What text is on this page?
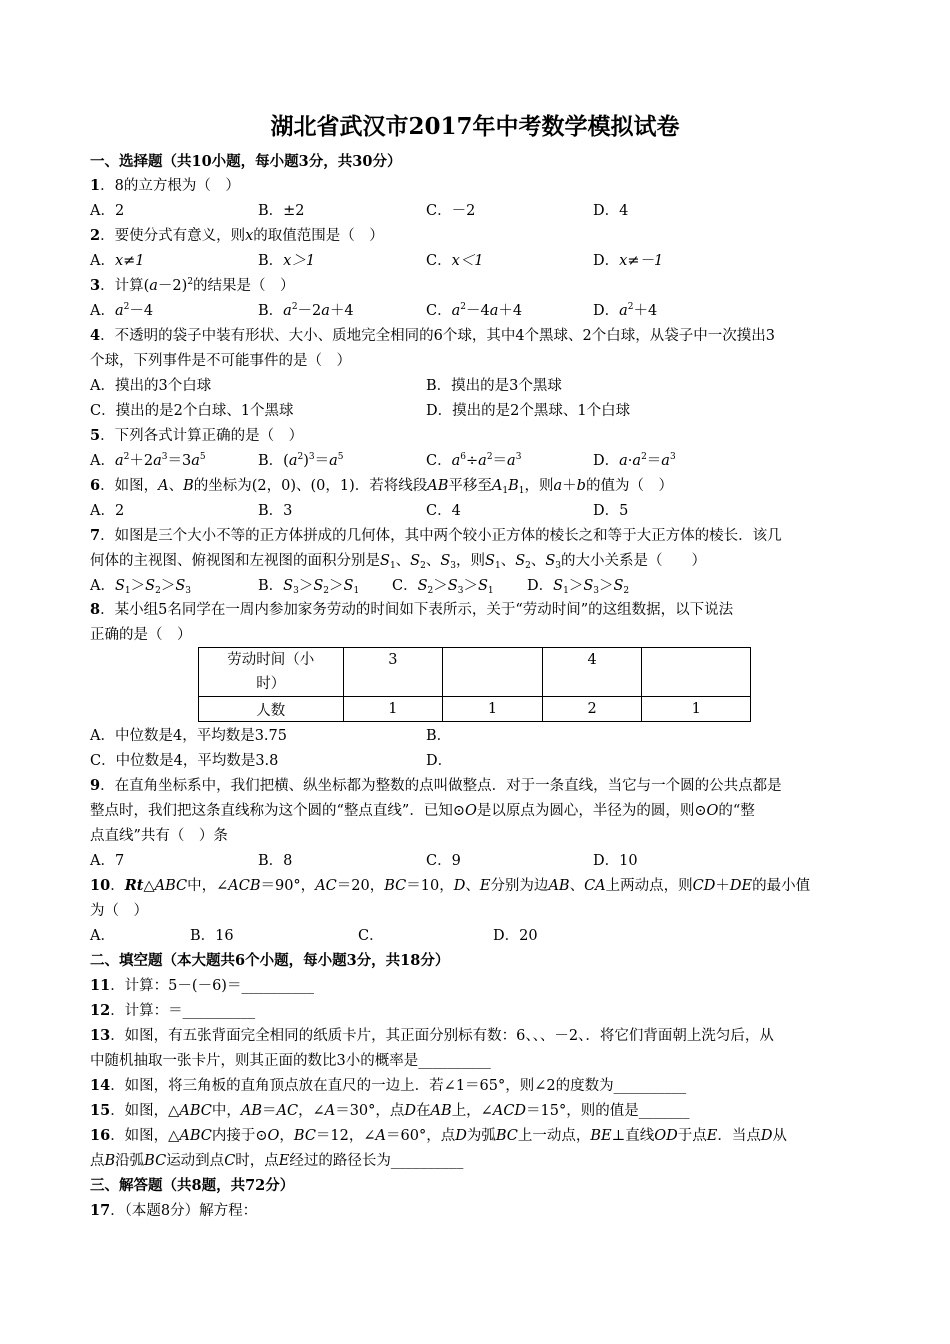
湖北省武汉市2017年中考数学模拟试卷
一、选择题（共10小题，每小题3分，共30分）
1．8的立方根为（　）
A．2	B．±2	C．－2	D．4
2．要使分式有意义，则x的取值范围是（　）
A．x≠1	B．x＞1	C．x＜1	D．x≠－1
3．计算$(a-2)^2$的结果是（　）
A．$a^2-4$	B．$a^2-2a+4$	C．$a^2-4a+4$	D．$a^2+4$
4．不透明的袋子中装有形状、大小、质地完全相同的6个球，其中4个黑球、2个白球，从袋子中一次摸出3
个球，下列事件是不可能事件的是（　）
A．摸出的3个白球	B．摸出的是3个黑球
C．摸出的是2个白球、1个黑球	D．摸出的是2个黑球、1个白球
5．下列各式计算正确的是（　）
A．$a^2+2a^3=3a^5$	B．$(a^2)^3=a^5$	C．$a^6\div a^2=a^3$	D．$a\cdot a^2=a^3$
6．如图，A、B的坐标为(2，0)、(0，1)．若将线段AB平移至$A_1B_1$，则a＋b的值为（　）
A．2	B．3	C．4	D．5
7．如图是三个大小不等的正方体拼成的几何体，其中两个较小正方体的棱长之和等于大正方体的棱长．该几
何体的主视图、俯视图和左视图的面积分别是$S_1$、$S_2$、$S_3$，则$S_1$、$S_2$、$S_3$的大小关系是（　　）
A．$S_1>S_2>S_3$	B．$S_3>S_2>S_1$ C．$S_2>S_3>S_1$ D．$S_1>S_3>S_2$
8．某小组5名同学在一周内参加家务劳动的时间如下表所示，关于“劳动时间”的这组数据，以下说法
正确的是（　）
劳动时间（小
时）	3		4	
人数	1	1	2	1
A．中位数是4，平均数是3.75	B．
C．中位数是4，平均数是3.8	D．
9．在直角坐标系中，我们把横、纵坐标都为整数的点叫做整点．对于一条直线，当它与一个圆的公共点都是
整点时，我们把这条直线称为这个圆的“整点直线”．已知⊙O是以原点为圆心，半径为的圆，则⊙O的“整
点直线”共有（　）条
A．7	B．8	C．9	D．10
10．Rt△ABC中，∠ACB＝90°，AC＝20，BC＝10，D、E分别为边AB、CA上两动点，则CD＋DE的最小值
为（　）
A．	B．16	C．	D．20
二、填空题（本大题共6个小题，每小题3分，共18分）
11．计算：5－(－6)＝__________
12．计算：＝__________
13．如图，有五张背面完全相同的纸质卡片，其正面分别标有数：6、、、－2、．将它们背面朝上洗匀后，从
中随机抽取一张卡片，则其正面的数比3小的概率是__________
14．如图，将三角板的直角顶点放在直尺的一边上．若∠1＝65°，则∠2的度数为__________
15．如图，△ABC中，AB＝AC，∠A＝30°，点D在AB上，∠ACD＝15°，则的值是_______
16．如图，△ABC内接于⊙O，BC＝12，∠A＝60°，点D为弧BC上一动点，BE⊥直线OD于点E．当点D从
点B沿弧BC运动到点C时，点E经过的路径长为__________
三、解答题（共8题，共72分）
17．（本题8分）解方程：
